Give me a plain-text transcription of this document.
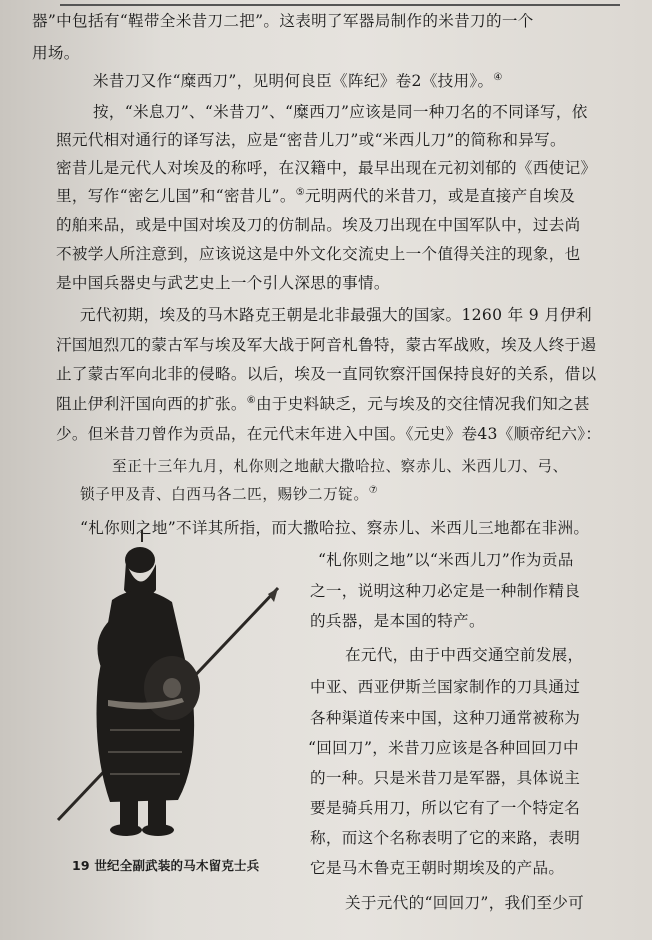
器”中包括有“鞓带全米昔刀二把”。这表明了军器局制作的米昔刀的一个
用场。
米昔刀又作“糜西刀”，见明何良臣《阵纪》卷2《技用》。④
按，“米息刀”、“米昔刀”、“糜西刀”应该是同一种刀名的不同译写，依
照元代相对通行的译写法，应是“密昔儿刀”或“米西儿刀”的简称和异写。
密昔儿是元代人对埃及的称呼，在汉籍中，最早出现在元初刘郁的《西使记》
里，写作“密乞儿国”和“密昔儿”。⑤元明两代的米昔刀，或是直接产自埃及
的舶来品，或是中国对埃及刀的仿制品。埃及刀出现在中国军队中，过去尚
不被学人所注意到，应该说这是中外文化交流史上一个值得关注的现象，也
是中国兵器史与武艺史上一个引人深思的事情。
元代初期，埃及的马木路克王朝是北非最强大的国家。1260 年 9 月伊利
汗国旭烈兀的蒙古军与埃及军大战于阿音札鲁特，蒙古军战败，埃及人终于遏
止了蒙古军向北非的侵略。以后，埃及一直同钦察汗国保持良好的关系，借以
阻止伊利汗国向西的扩张。⑥由于史料缺乏，元与埃及的交往情况我们知之甚
少。但米昔刀曾作为贡品，在元代末年进入中国。《元史》卷43《顺帝纪六》：
至正十三年九月，札你则之地献大撒哈拉、察赤儿、米西儿刀、弓、
锁子甲及青、白西马各二匹，赐钞二万锭。⑦
“札你则之地”不详其所指，而大撒哈拉、察赤儿、米西儿三地都在非洲。
“札你则之地”以“米西儿刀”作为贡品
之一，说明这种刀必定是一种制作精良
的兵器，是本国的特产。
在元代，由于中西交通空前发展，
中亚、西亚伊斯兰国家制作的刀具通过
各种渠道传来中国，这种刀通常被称为
“回回刀”，米昔刀应该是各种回回刀中
的一种。只是米昔刀是军器，具体说主
要是骑兵用刀，所以它有了一个特定名
称，而这个名称表明了它的来路，表明
它是马木鲁克王朝时期埃及的产品。
关于元代的“回回刀”，我们至少可
19 世纪全副武装的马木留克士兵
